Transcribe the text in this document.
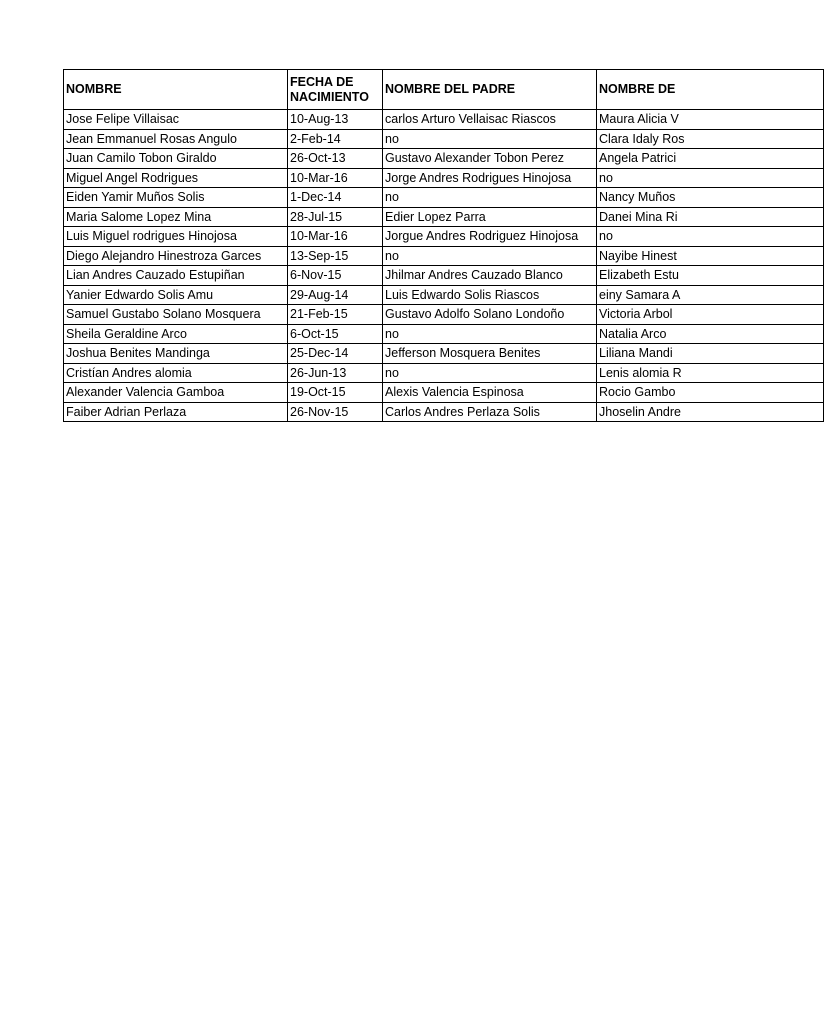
NOMBRE	FECHA DE NACIMIENTO	NOMBRE DEL PADRE	NOMBRE DE
Jose Felipe Villaisac	10-Aug-13	carlos Arturo Vellaisac Riascos	Maura Alicia V
Jean Emmanuel Rosas Angulo	2-Feb-14	no	Clara Idaly Ros
Juan Camilo Tobon Giraldo	26-Oct-13	Gustavo Alexander Tobon Perez	Angela Patrici
Miguel Angel Rodrigues	10-Mar-16	Jorge Andres Rodrigues Hinojosa	no
Eiden Yamir Muños Solis	1-Dec-14	no	Nancy Muños
Maria Salome Lopez Mina	28-Jul-15	Edier Lopez Parra	Danei Mina Ri
Luis Miguel rodrigues Hinojosa	10-Mar-16	Jorgue Andres Rodriguez Hinojosa	no
Diego Alejandro Hinestroza Garces	13-Sep-15	no	Nayibe Hinest
Lian Andres Cauzado Estupiñan	6-Nov-15	Jhilmar Andres Cauzado Blanco	Elizabeth Estu
Yanier Edwardo Solis Amu	29-Aug-14	Luis Edwardo Solis Riascos	einy Samara A
Samuel Gustabo Solano Mosquera	21-Feb-15	Gustavo Adolfo Solano Londoño	Victoria Arbol
Sheila Geraldine Arco	6-Oct-15	no	Natalia Arco
Joshua Benites Mandinga	25-Dec-14	Jefferson Mosquera Benites	Liliana Mandi
Cristían Andres alomia	26-Jun-13	no	Lenis alomia R
Alexander Valencia Gamboa	19-Oct-15	Alexis Valencia Espinosa	Rocio Gambo
Faiber Adrian Perlaza	26-Nov-15	Carlos Andres Perlaza Solis	Jhoselin Andre
